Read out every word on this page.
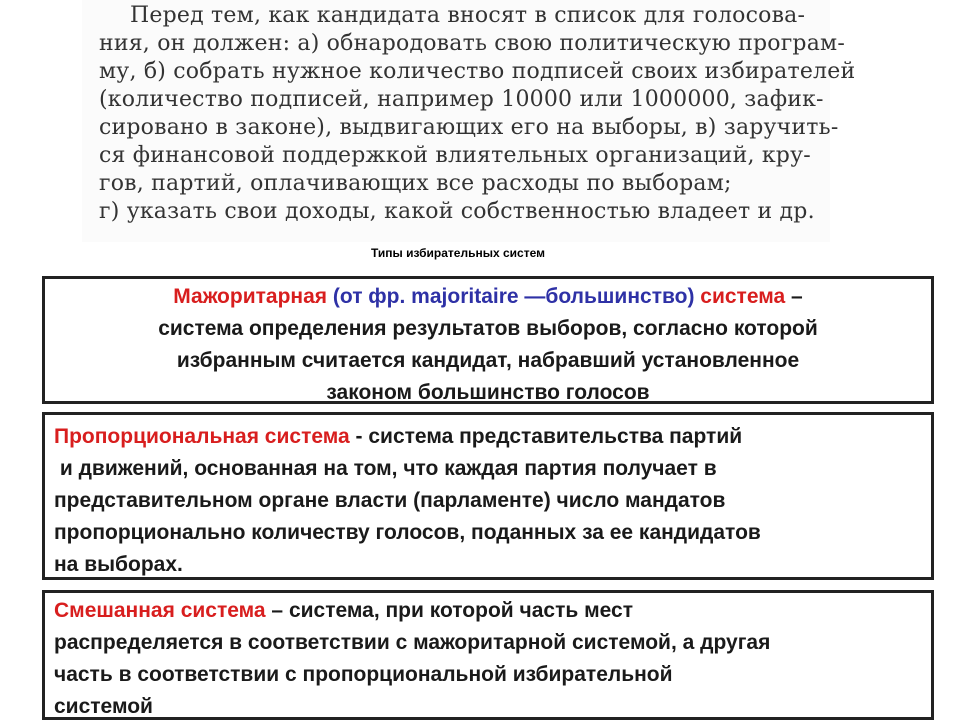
Перед тем, как кандидата вносят в список для голосова-
ния, он должен: а) обнародовать свою политическую програм-
му, б) собрать нужное количество подписей своих избирателей
(количество подписей, например 10000 или 1000000, зафик-
сировано в законе), выдвигающих его на выборы, в) заручить-
ся финансовой поддержкой влиятельных организаций, кру-
гов, партий, оплачивающих все расходы по выборам;
г) указать свои доходы, какой собственностью владеет и др.
Типы избирательных систем
Мажоритарная (от фр. majoritaire —большинство) система –
система определения результатов выборов, согласно которой
избранным считается кандидат, набравший установленное
законом большинство голосов
Пропорциональная система - система представительства партий
и движений, основанная на том, что каждая партия получает в
представительном органе власти (парламенте) число мандатов
пропорционально количеству голосов, поданных за ее кандидатов
на выборах.
Смешанная система – система, при которой часть мест
распределяется в соответствии с мажоритарной системой, а другая
часть в соответствии с пропорциональной избирательной
системой
